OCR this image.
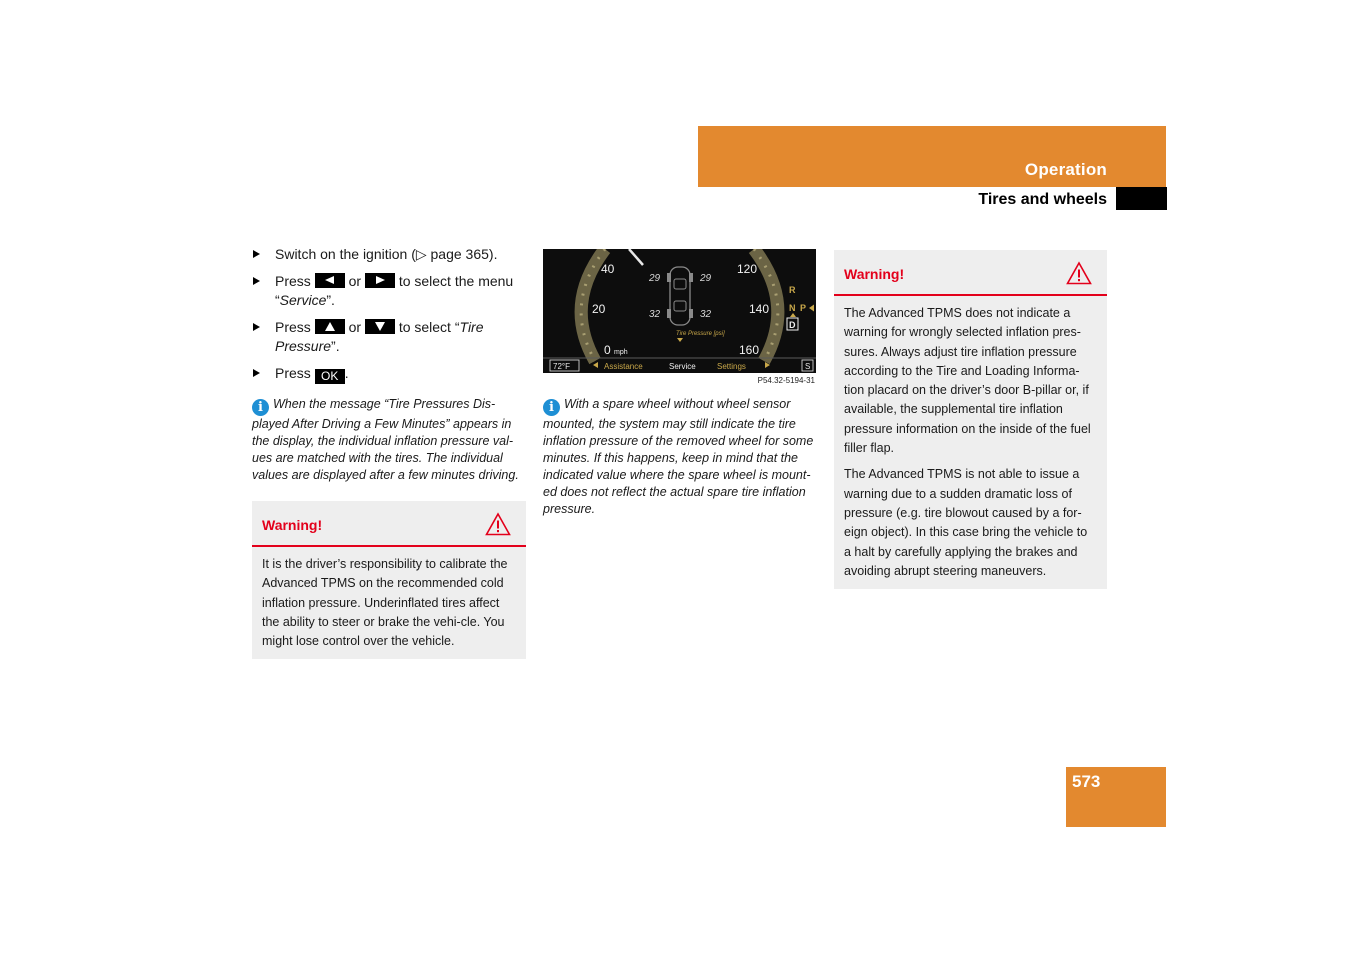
Operation
Tires and wheels
Switch on the ignition (▷ page 365).
Press	or	to select the menu “Service”.
Press	or	to select “Tire Pressure”.
Press OK .
i When the message “Tire Pressures Dis-played After Driving a Few Minutes” appears in the display, the individual inflation pressure val-ues are matched with the tires. The individual values are displayed after a few minutes driving.
Warning!

It is the driver’s responsibility to calibrate the Advanced TPMS on the recommended cold inflation pressure. Underinflated tires affect the ability to steer or brake the vehi-cle. You might lose control over the vehicle.

40
20
0 mph
120
140
160
29	29
32	32
Tire Pressure [psi]
R
N P
D
72°F	Assistance	Service	Settings	S
P54.32-5194-31
i With a spare wheel without wheel sensor mounted, the system may still indicate the tire inflation pressure of the removed wheel for some minutes. If this happens, keep in mind that the indicated value where the spare wheel is mount-ed does not reflect the actual spare tire inflation pressure.
Warning!

The Advanced TPMS does not indicate a warning for wrongly selected inflation pres-sures. Always adjust tire inflation pressure according to the Tire and Loading Informa-tion placard on the driver’s door B-pillar or, if available, the supplemental tire inflation pressure information on the inside of the fuel filler flap.

The Advanced TPMS is not able to issue a warning due to a sudden dramatic loss of pressure (e.g. tire blowout caused by a for-eign object). In this case bring the vehicle to a halt by carefully applying the brakes and avoiding abrupt steering maneuvers.

573
